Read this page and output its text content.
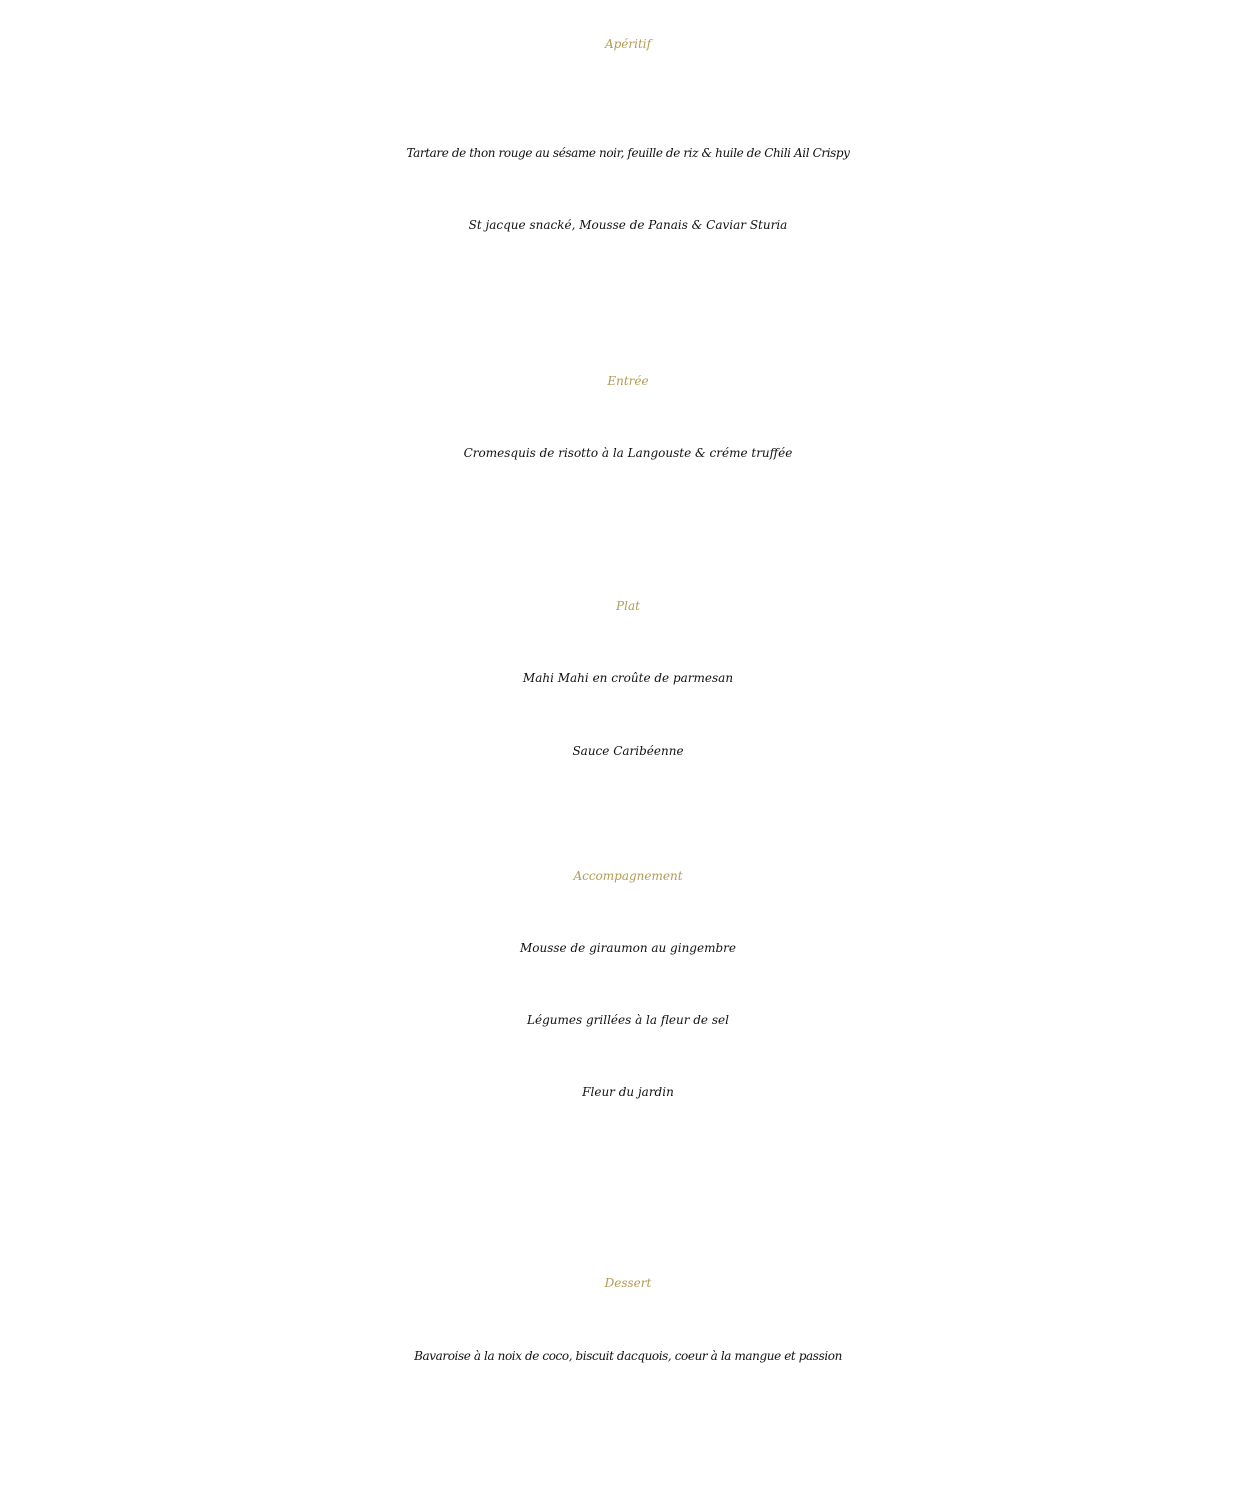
Apéritif
Tartare de thon rouge au sésame noir, feuille de riz & huile de Chili Ail Crispy
St jacque snacké, Mousse de Panais & Caviar Sturia
Entrée
Cromesquis de risotto à la Langouste & créme truffée
Plat
Mahi Mahi en croûte de parmesan
Sauce Caribéenne
Accompagnement
Mousse de giraumon au gingembre
Légumes grillées à la fleur de sel
Fleur du jardin
Dessert
Bavaroise à la noix de coco, biscuit dacquois, coeur à la mangue et passion
